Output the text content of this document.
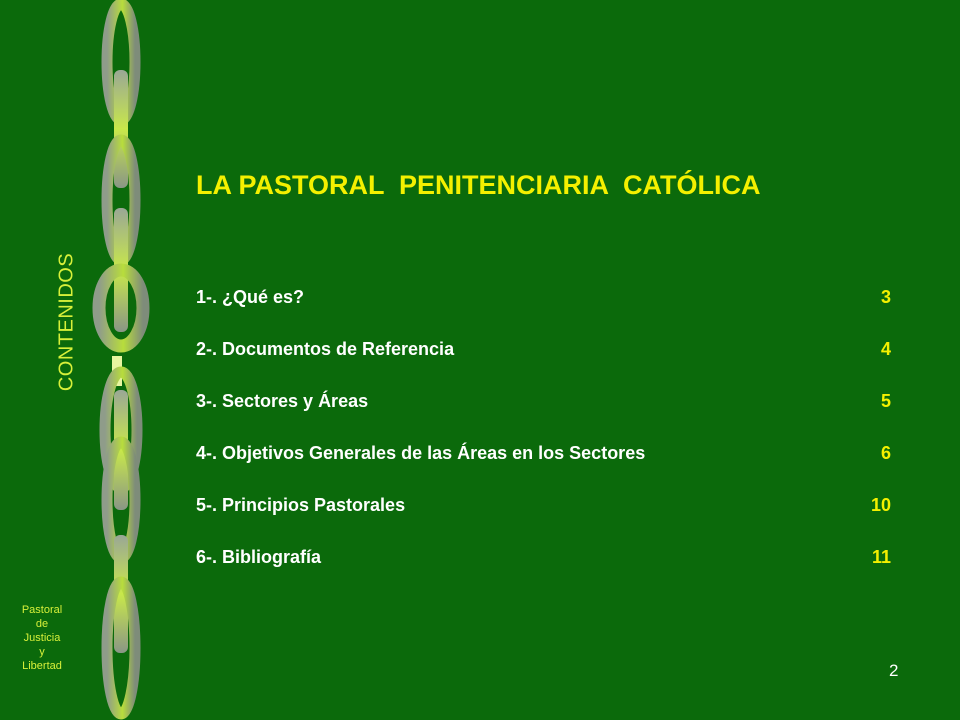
CONTENIDOS
Pastoral
de
Justicia
y
Libertad
LA PASTORAL  PENITENCIARIA  CATÓLICA
1-. ¿Qué es?	3
2-. Documentos de Referencia	4
3-. Sectores y Áreas	5
4-. Objetivos Generales de las Áreas en los Sectores	6
5-. Principios Pastorales	10
6-. Bibliografía	11
2
